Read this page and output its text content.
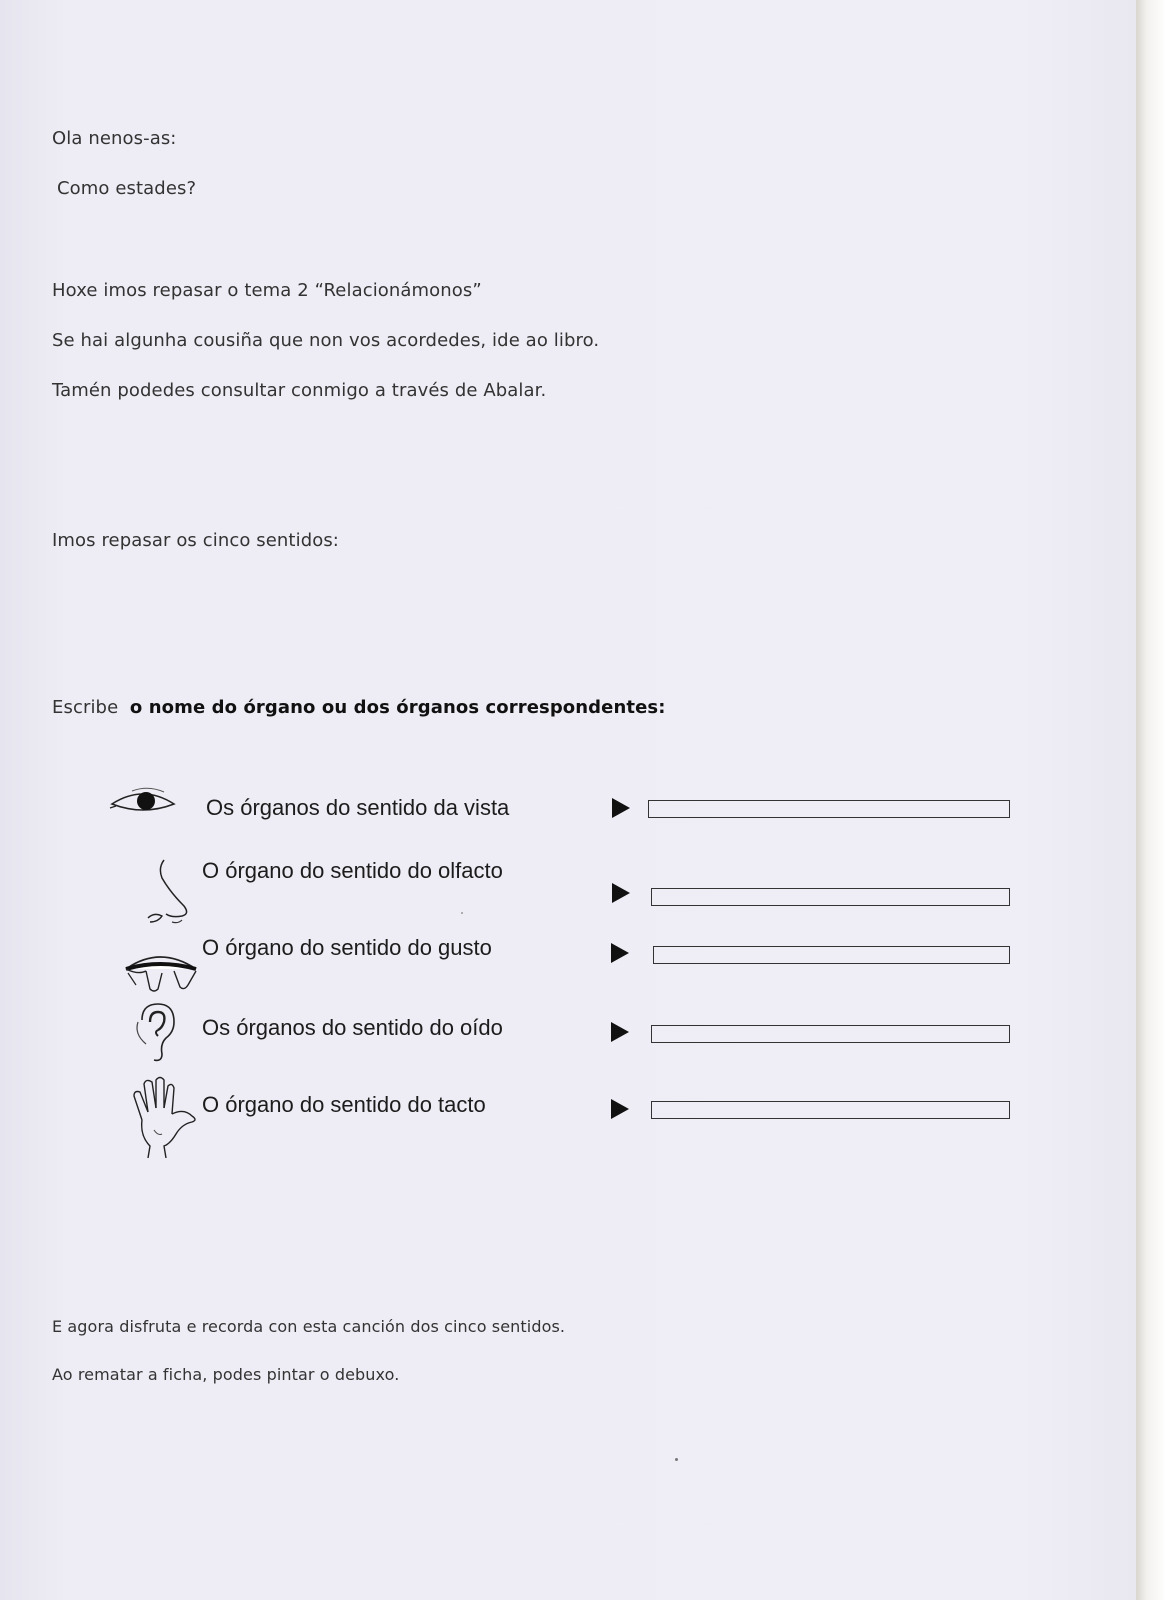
Ola nenos-as:
Como estades?
Hoxe imos repasar o tema 2 “Relacionámonos”
Se hai algunha cousiña que non vos acordedes, ide ao libro.
Tamén podedes consultar conmigo a través de Abalar.
Imos repasar os cinco sentidos:
Escribe o nome do órgano ou dos órganos correspondentes:
Os órganos do sentido da vista
O órgano do sentido do olfacto
O órgano do sentido do gusto
Os órganos do sentido do oído
O órgano do sentido do tacto
E agora disfruta e recorda con esta canción dos cinco sentidos.
Ao rematar a ficha, podes pintar o debuxo.
